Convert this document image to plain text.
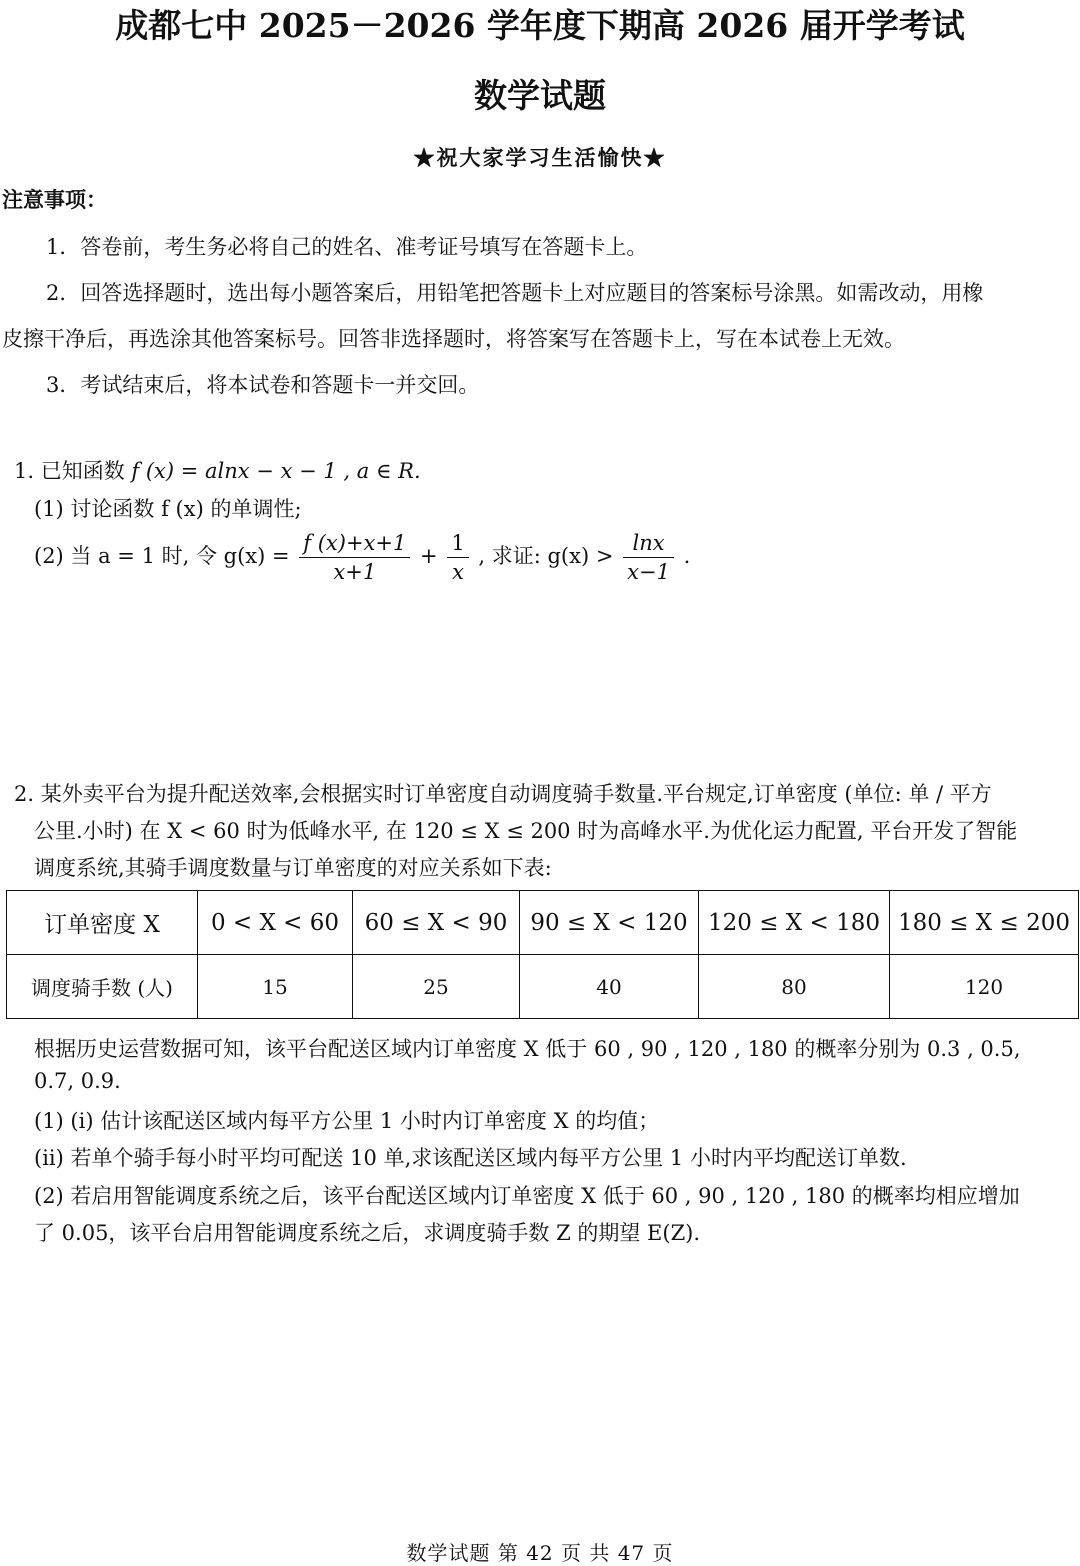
成都七中 2025－2026 学年度下期高 2026 届开学考试
数学试题
★祝大家学习生活愉快★
注意事项：
1．答卷前，考生务必将自己的姓名、准考证号填写在答题卡上。
2．回答选择题时，选出每小题答案后，用铅笔把答题卡上对应题目的答案标号涂黑。如需改动，用橡
皮擦干净后，再选涂其他答案标号。回答非选择题时，将答案写在答题卡上，写在本试卷上无效。
3．考试结束后，将本试卷和答题卡一并交回。
1. 已知函数 f (x) = alnx − x − 1 , a ∈ R.
(1) 讨论函数 f (x) 的单调性;
(2) 当 a = 1 时, 令 $g(x) = \frac{f (x)+x+1}{x+1} + \frac{1}{x}$ , 求证: $g(x) > \frac{\ln x}{x-1}$ .
2. 某外卖平台为提升配送效率,会根据实时订单密度自动调度骑手数量.平台规定,订单密度 (单位: 单 / 平方
公里.小时) 在 X < 60 时为低峰水平, 在 120 ≤ X ≤ 200 时为高峰水平.为优化运力配置, 平台开发了智能
调度系统,其骑手调度数量与订单密度的对应关系如下表:
订单密度 X	0 < X < 60	60 ≤ X < 90	90 ≤ X < 120	120 ≤ X < 180	180 ≤ X ≤ 200
调度骑手数 (人)	15	25	40	80	120
根据历史运营数据可知，该平台配送区域内订单密度 X 低于 60 , 90 , 120 , 180 的概率分别为 0.3 , 0.5,
0.7, 0.9.
(1) (i) 估计该配送区域内每平方公里 1 小时内订单密度 X 的均值；
(ii) 若单个骑手每小时平均可配送 10 单,求该配送区域内每平方公里 1 小时内平均配送订单数.
(2) 若启用智能调度系统之后，该平台配送区域内订单密度 X 低于 60 , 90 , 120 , 180 的概率均相应增加
了 0.05，该平台启用智能调度系统之后，求调度骑手数 Z 的期望 E(Z).
数学试题 第 42 页 共 47 页
